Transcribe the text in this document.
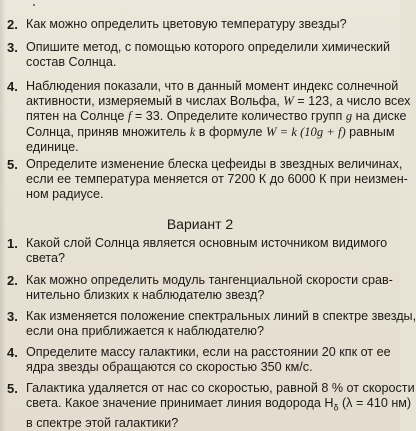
2. Как можно определить цветовую температуру звезды?
3. Опишите метод, с помощью которого определили химический
состав Солнца.
4. Наблюдения показали, что в данный момент индекс солнечной
активности, измеряемый в числах Вольфа, W = 123, а число всех
пятен на Солнце f = 33. Определите количество групп g на диске
Солнца, приняв множитель k в формуле W = k (10g + f) равным
единице.
5. Определите изменение блеска цефеиды в звездных величинах,
если ее температура меняется от 7200 К до 6000 К при неизмен-
ном радиусе.
Вариант 2
1. Какой слой Солнца является основным источником видимого
света?
2. Как можно определить модуль тангенциальной скорости срав-
нительно близких к наблюдателю звезд?
3. Как изменяется положение спектральных линий в спектре звезды,
если она приближается к наблюдателю?
4. Определите массу галактики, если на расстоянии 20 кпк от ее
ядра звезды обращаются со скоростью 350 км/с.
5. Галактика удаляется от нас со скоростью, равной 8 % от скорости
света. Какое значение принимает линия водорода $H_\delta$ (λ = 410 нм)
в спектре этой галактики?
